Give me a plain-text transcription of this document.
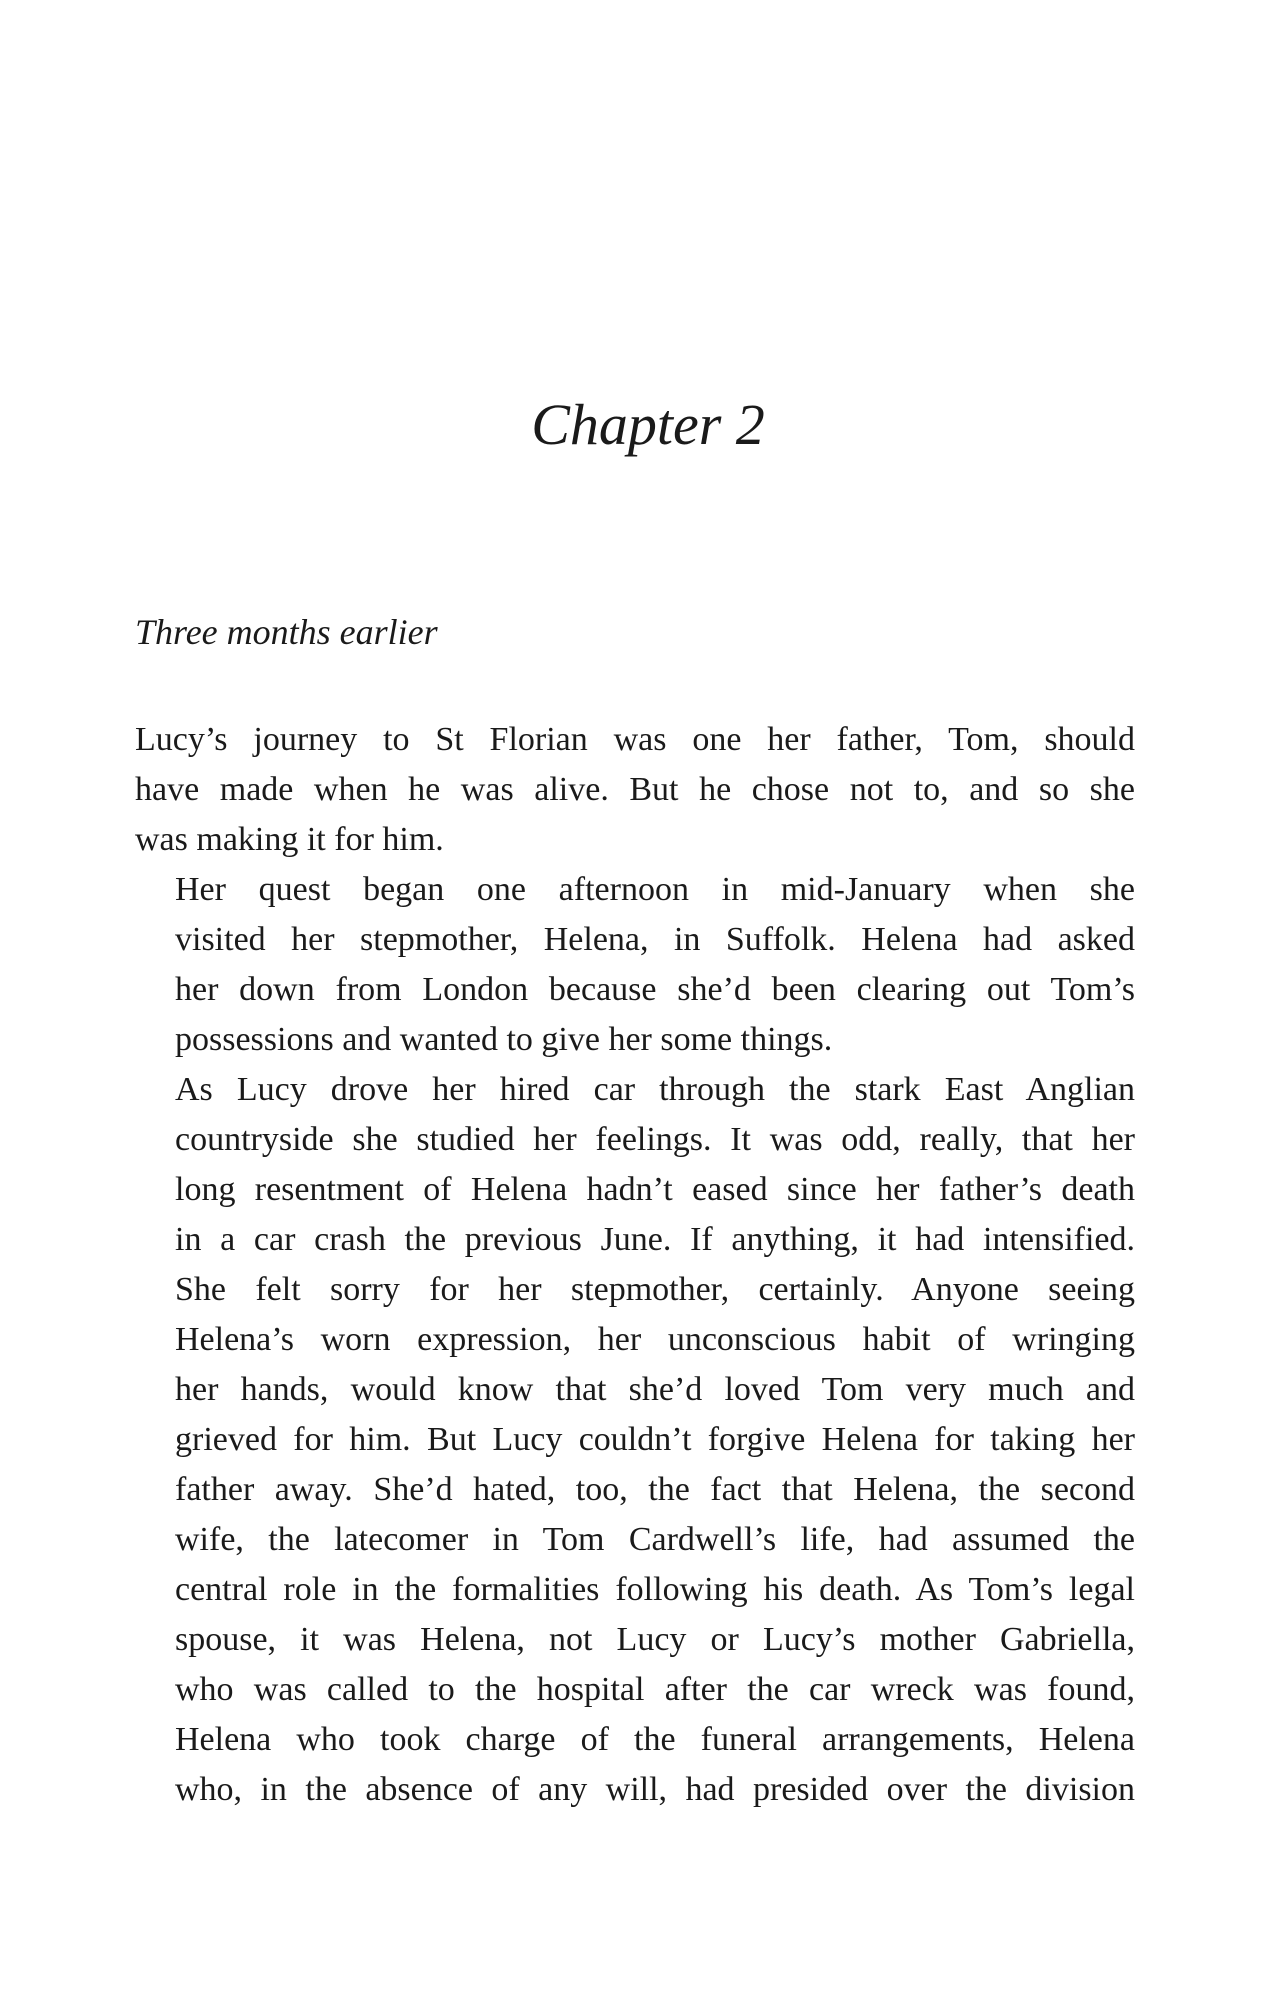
Chapter 2
Three months earlier

Lucy’s journey to St Florian was one her father, Tom, should
have made when he was alive. But he chose not to, and so she
was making it for him.

Her quest began one afternoon in mid-January when she
visited her stepmother, Helena, in Suffolk. Helena had asked
her down from London because she’d been clearing out Tom’s
possessions and wanted to give her some things.

As Lucy drove her hired car through the stark East Anglian
countryside she studied her feelings. It was odd, really, that her
long resentment of Helena hadn’t eased since her father’s death
in a car crash the previous June. If anything, it had intensified.
She felt sorry for her stepmother, certainly. Anyone seeing
Helena’s worn expression, her unconscious habit of wringing
her hands, would know that she’d loved Tom very much and
grieved for him. But Lucy couldn’t forgive Helena for taking her
father away. She’d hated, too, the fact that Helena, the second
wife, the latecomer in Tom Cardwell’s life, had assumed the
central role in the formalities following his death. As Tom’s legal
spouse, it was Helena, not Lucy or Lucy’s mother Gabriella,
who was called to the hospital after the car wreck was found,
Helena who took charge of the funeral arrangements, Helena
who, in the absence of any will, had presided over the division
